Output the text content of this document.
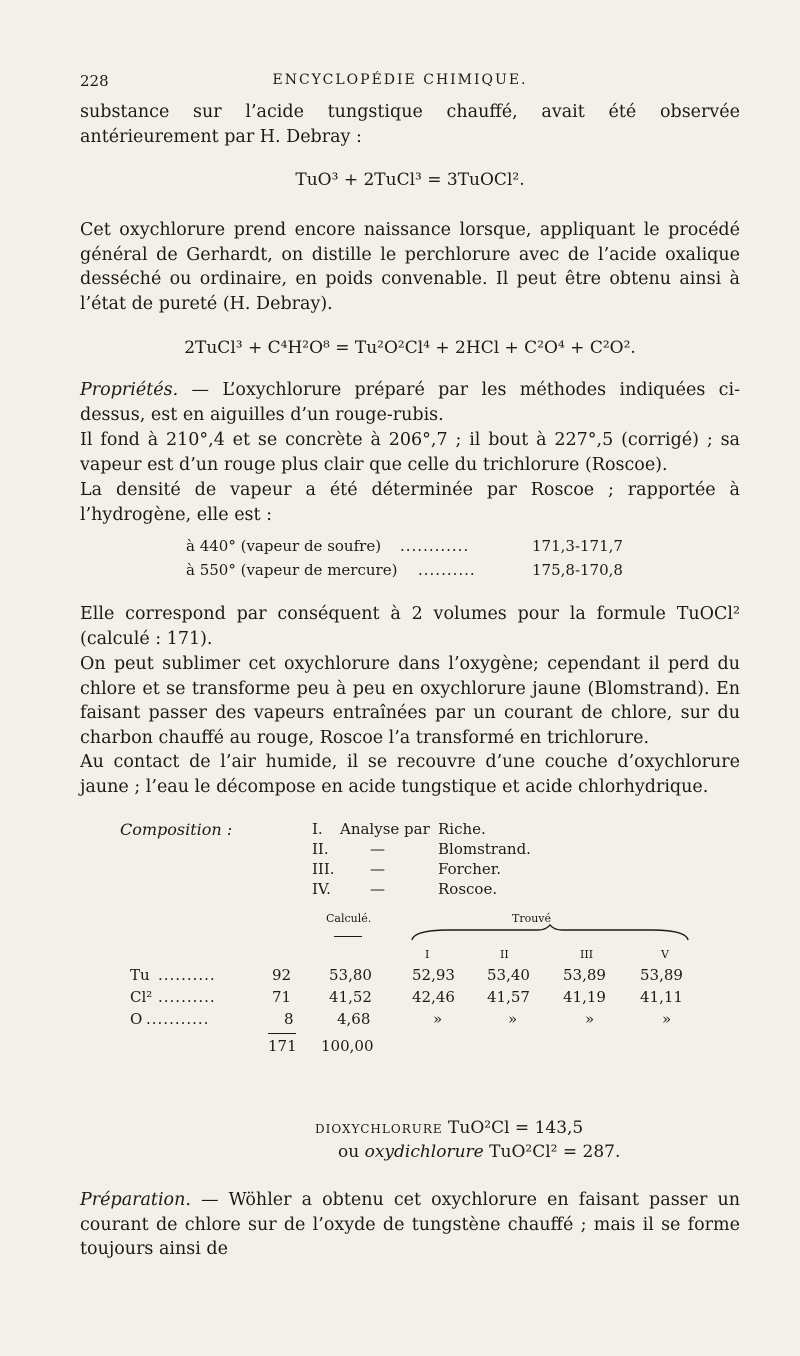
228	ENCYCLOPÉDIE CHIMIQUE.
substance sur l’acide tungstique chauffé, avait été observée antérieurement par H. Debray :
TuO³ + 2TuCl³ = 3TuOCl².
Cet oxychlorure prend encore naissance lorsque, appliquant le procédé général de Gerhardt, on distille le perchlorure avec de l’acide oxalique desséché ou ordinaire, en poids convenable. Il peut être obtenu ainsi à l’état de pureté (H. Debray).
2TuCl³ + C⁴H²O⁸ = Tu²O²Cl⁴ + 2HCl + C²O⁴ + C²O².
Propriétés. — L’oxychlorure préparé par les méthodes indiquées ci-dessus, est en aiguilles d’un rouge-rubis.
Il fond à 210°,4 et se concrète à 206°,7 ; il bout à 227°,5 (corrigé) ; sa vapeur est d’un rouge plus clair que celle du trichlorure (Roscoe).
La densité de vapeur a été déterminée par Roscoe ; rapportée à l’hydrogène, elle est :
à 440° (vapeur de soufre) ............	171,3-171,7
à 550° (vapeur de mercure) ..........	175,8-170,8
Elle correspond par conséquent à 2 volumes pour la formule TuOCl² (calculé : 171).
On peut sublimer cet oxychlorure dans l’oxygène; cependant il perd du chlore et se transforme peu à peu en oxychlorure jaune (Blomstrand). En faisant passer des vapeurs entraînées par un courant de chlore, sur du charbon chauffé au rouge, Roscoe l’a transformé en trichlorure.
Au contact de l’air humide, il se recouvre d’une couche d’oxychlorure jaune ; l’eau le décompose en acide tungstique et acide chlorhydrique.
Composition :	I. Analyse par Riche.
II.	—	Blomstrand.
III. —	Forcher.
IV.	—	Roscoe.
Calculé.	Trouvé
I	II	III	V
Tu ..........	92	53,80	52,93 53,40 53,89 53,89
Cl² ..........	71	41,52	42,46 41,57 41,19 41,11
O ...........	8	4,68	»	»	»	»
171 100,00
DIOXYCHLORURE TuO²Cl = 143,5
ou oxydichlorure TuO²Cl² = 287.
Préparation. — Wöhler a obtenu cet oxychlorure en faisant passer un courant de chlore sur de l’oxyde de tungstène chauffé ; mais il se forme toujours ainsi de
